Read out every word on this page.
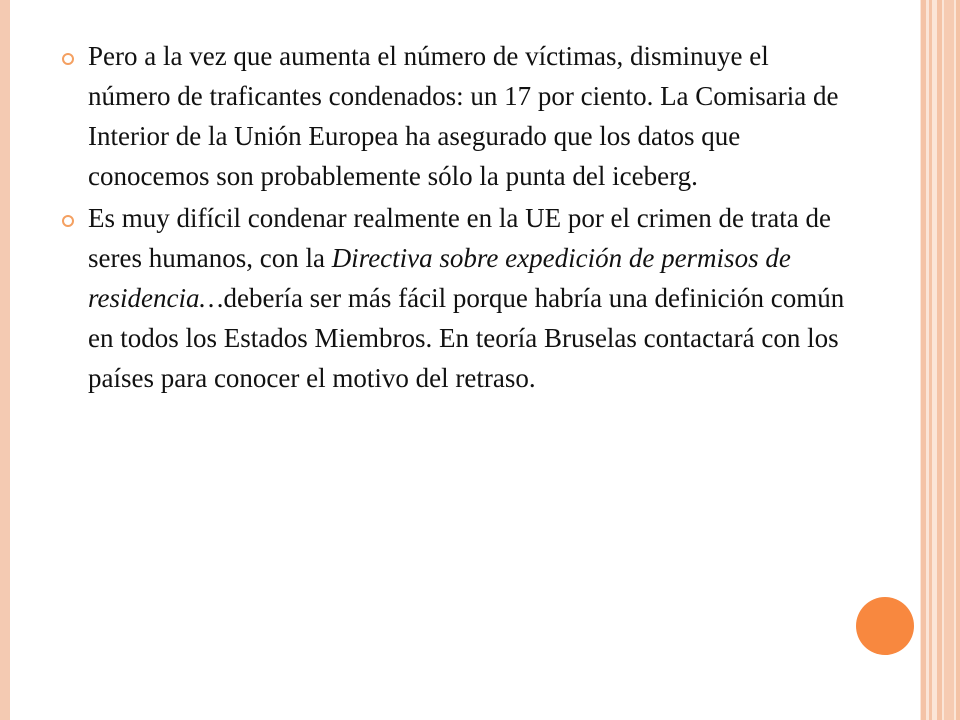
Pero a la vez que aumenta el número de víctimas, disminuye el número de traficantes condenados: un 17 por ciento. La Comisaria de Interior de la Unión Europea ha asegurado que los datos que conocemos son probablemente sólo la punta del iceberg.
Es muy difícil condenar realmente en la UE por el crimen de trata de seres humanos, con la Directiva sobre expedición de permisos de residencia…debería ser más fácil porque habría una definición común en todos los Estados Miembros. En teoría Bruselas contactará con los países para conocer el motivo del retraso.
